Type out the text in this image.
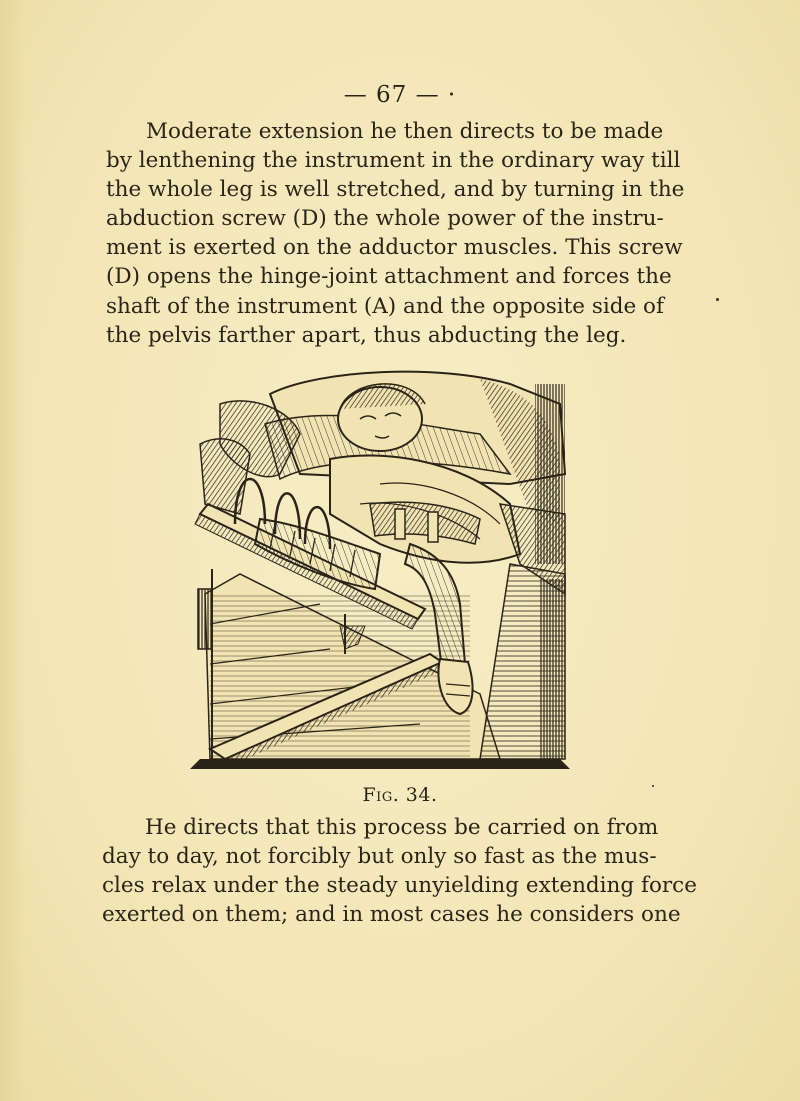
— 67 — ·

Moderate extension he then directs to be made
by lenthening the instrument in the ordinary way till
the whole leg is well stretched, and by turning in the
abduction screw (D) the whole power of the instru-
ment is exerted on the adductor muscles. This screw
(D) opens the hinge-joint attachment and forces the
shaft of the instrument (A) and the opposite side of
the pelvis farther apart, thus abducting the leg.

Fig. 34.

He directs that this process be carried on from
day to day, not forcibly but only so fast as the mus-
cles relax under the steady unyielding extending force
exerted on them; and in most cases he considers one
